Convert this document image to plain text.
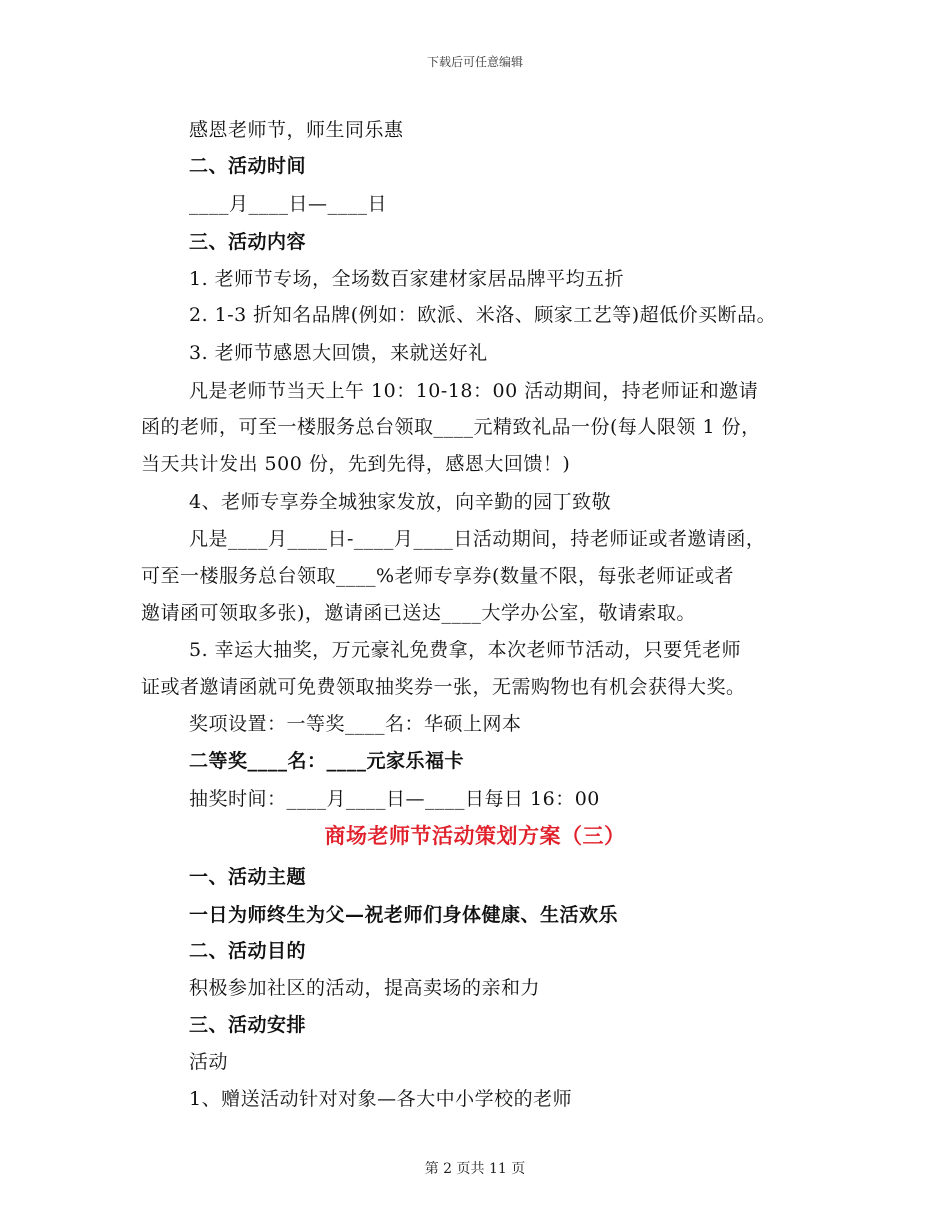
下载后可任意编辑
感恩老师节，师生同乐惠
二、活动时间
____月____日—____日
三、活动内容
1. 老师节专场，全场数百家建材家居品牌平均五折
2. 1-3 折知名品牌(例如：欧派、米洛、顾家工艺等)超低价买断品。
3. 老师节感恩大回馈，来就送好礼
凡是老师节当天上午 10：10-18：00 活动期间，持老师证和邀请
函的老师，可至一楼服务总台领取____元精致礼品一份(每人限领 1 份，
当天共计发出 500 份，先到先得，感恩大回馈！)
4、老师专享券全城独家发放，向辛勤的园丁致敬
凡是____月____日-____月____日活动期间，持老师证或者邀请函，
可至一楼服务总台领取____%老师专享券(数量不限，每张老师证或者
邀请函可领取多张)，邀请函已送达____大学办公室，敬请索取。
5. 幸运大抽奖，万元豪礼免费拿，本次老师节活动，只要凭老师
证或者邀请函就可免费领取抽奖券一张，无需购物也有机会获得大奖。
奖项设置：一等奖____名：华硕上网本
二等奖____名：____元家乐福卡
抽奖时间：____月____日—____日每日 16：00
商场老师节活动策划方案（三）
一、活动主题
一日为师终生为父—祝老师们身体健康、生活欢乐
二、活动目的
积极参加社区的活动，提高卖场的亲和力
三、活动安排
活动
1、赠送活动针对对象—各大中小学校的老师
第 2 页共 11 页
